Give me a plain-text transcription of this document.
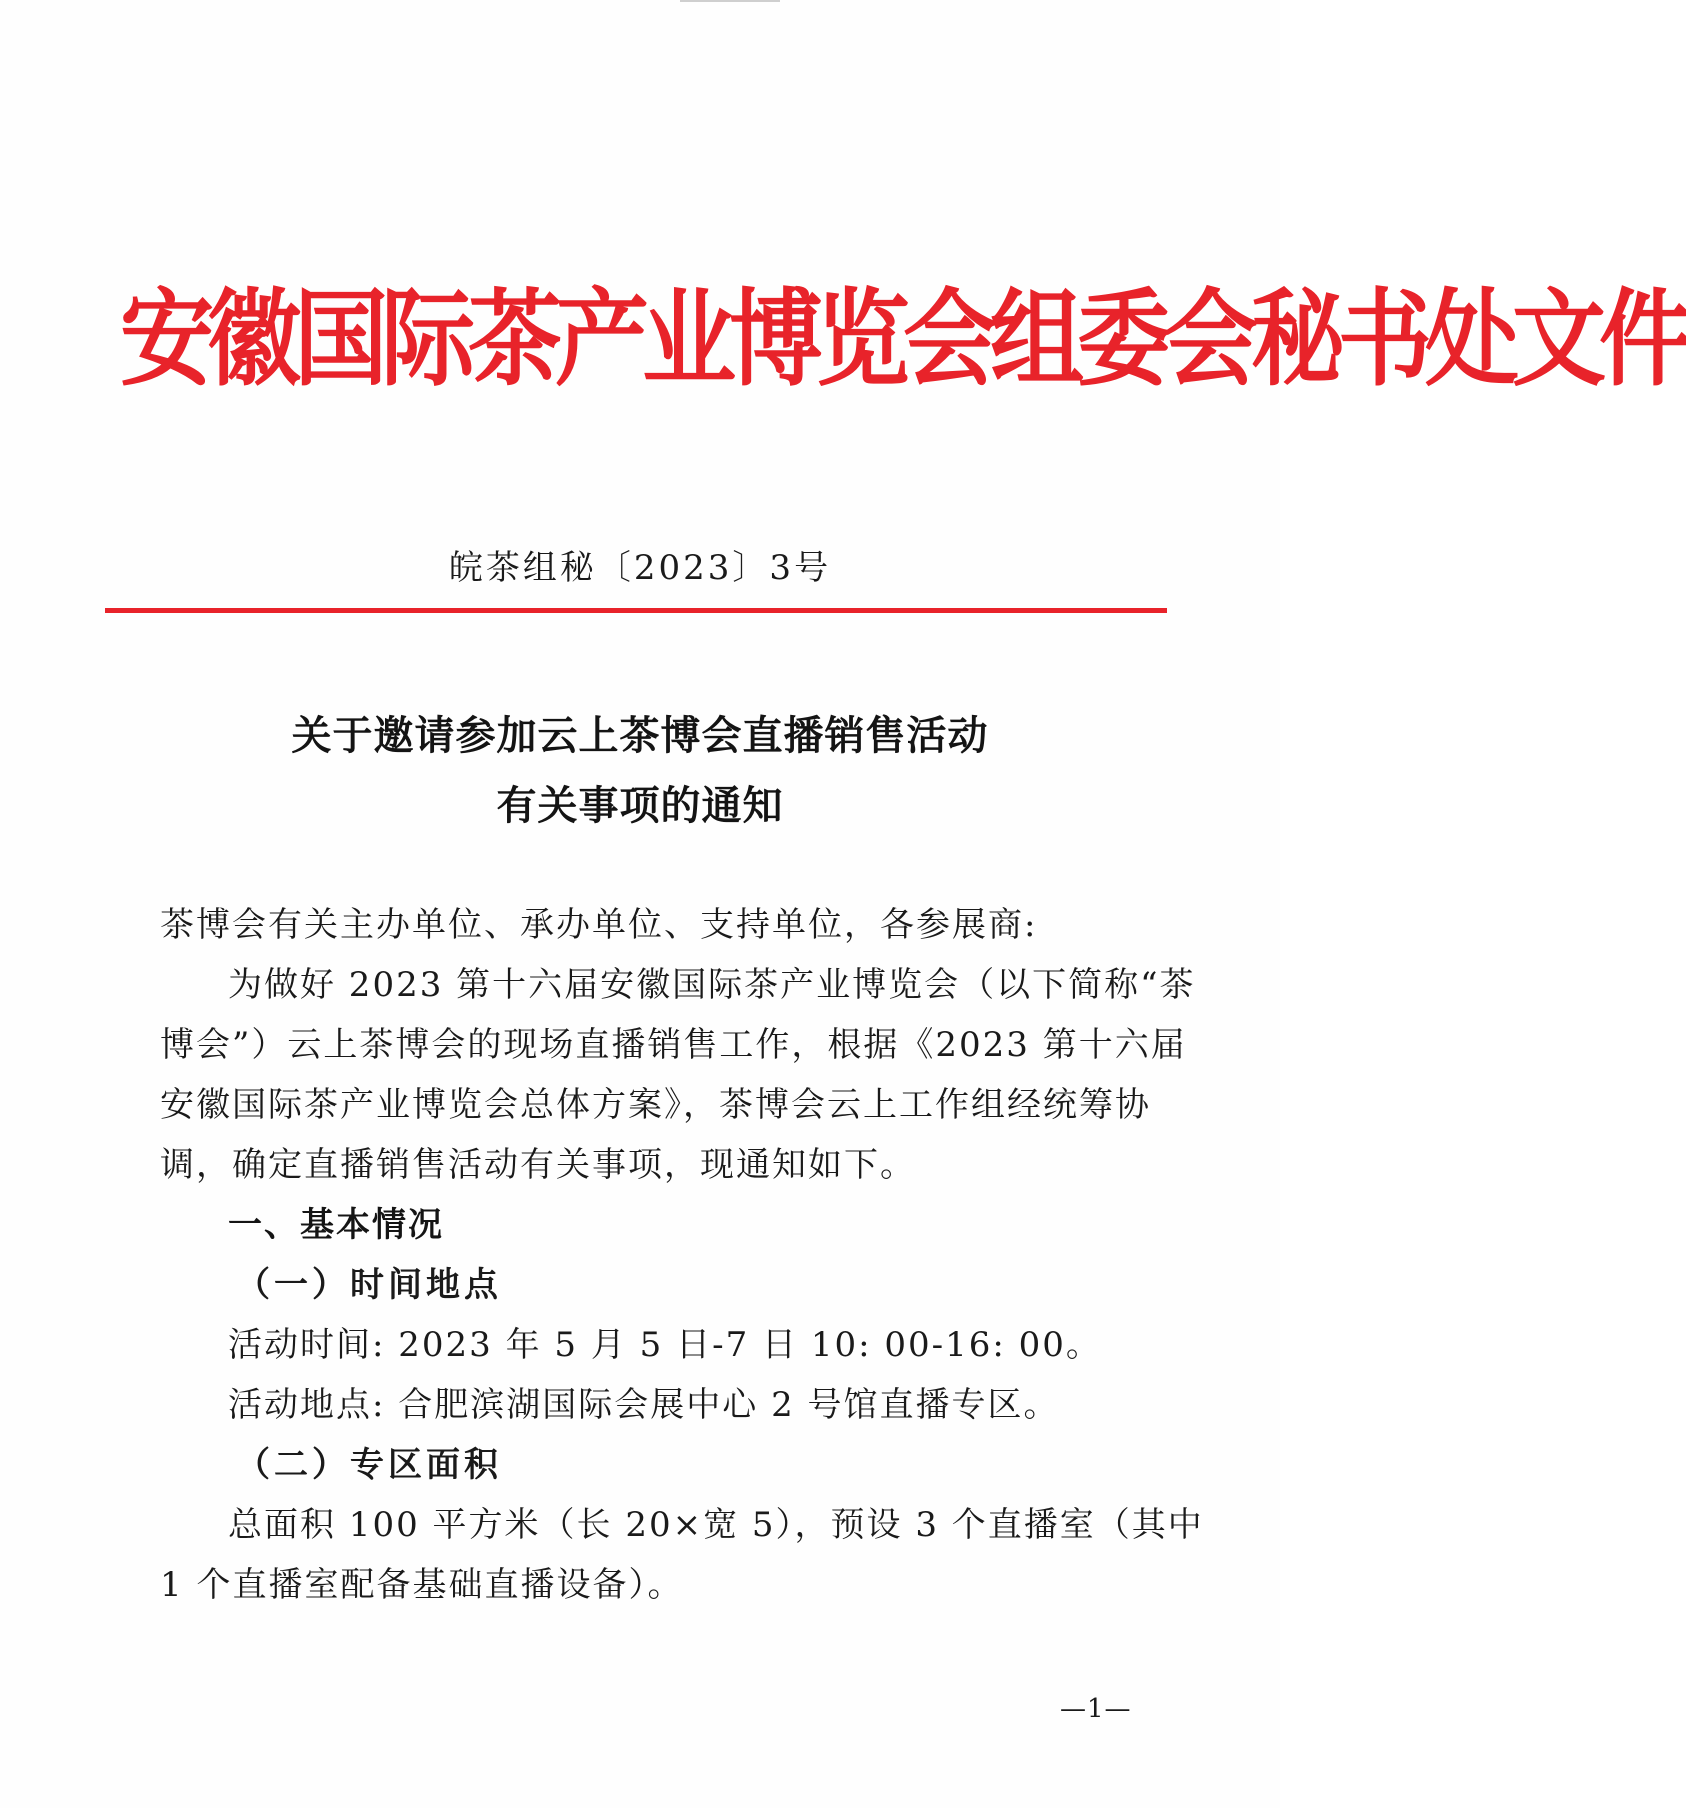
安徽国际茶产业博览会组委会秘书处文件
皖茶组秘〔2023〕3号
关于邀请参加云上茶博会直播销售活动
有关事项的通知
茶博会有关主办单位、承办单位、支持单位，各参展商:
为做好 2023 第十六届安徽国际茶产业博览会（以下简称“茶
博会”）云上茶博会的现场直播销售工作，根据《2023 第十六届
安徽国际茶产业博览会总体方案》，茶博会云上工作组经统筹协
调，确定直播销售活动有关事项，现通知如下。
一、基本情况
（一）时间地点
活动时间: 2023 年 5 月 5 日-7 日 10: 00-16: 00。
活动地点: 合肥滨湖国际会展中心 2 号馆直播专区。
（二）专区面积
总面积 100 平方米（长 20×宽 5），预设 3 个直播室（其中
1 个直播室配备基础直播设备）。
—1—
